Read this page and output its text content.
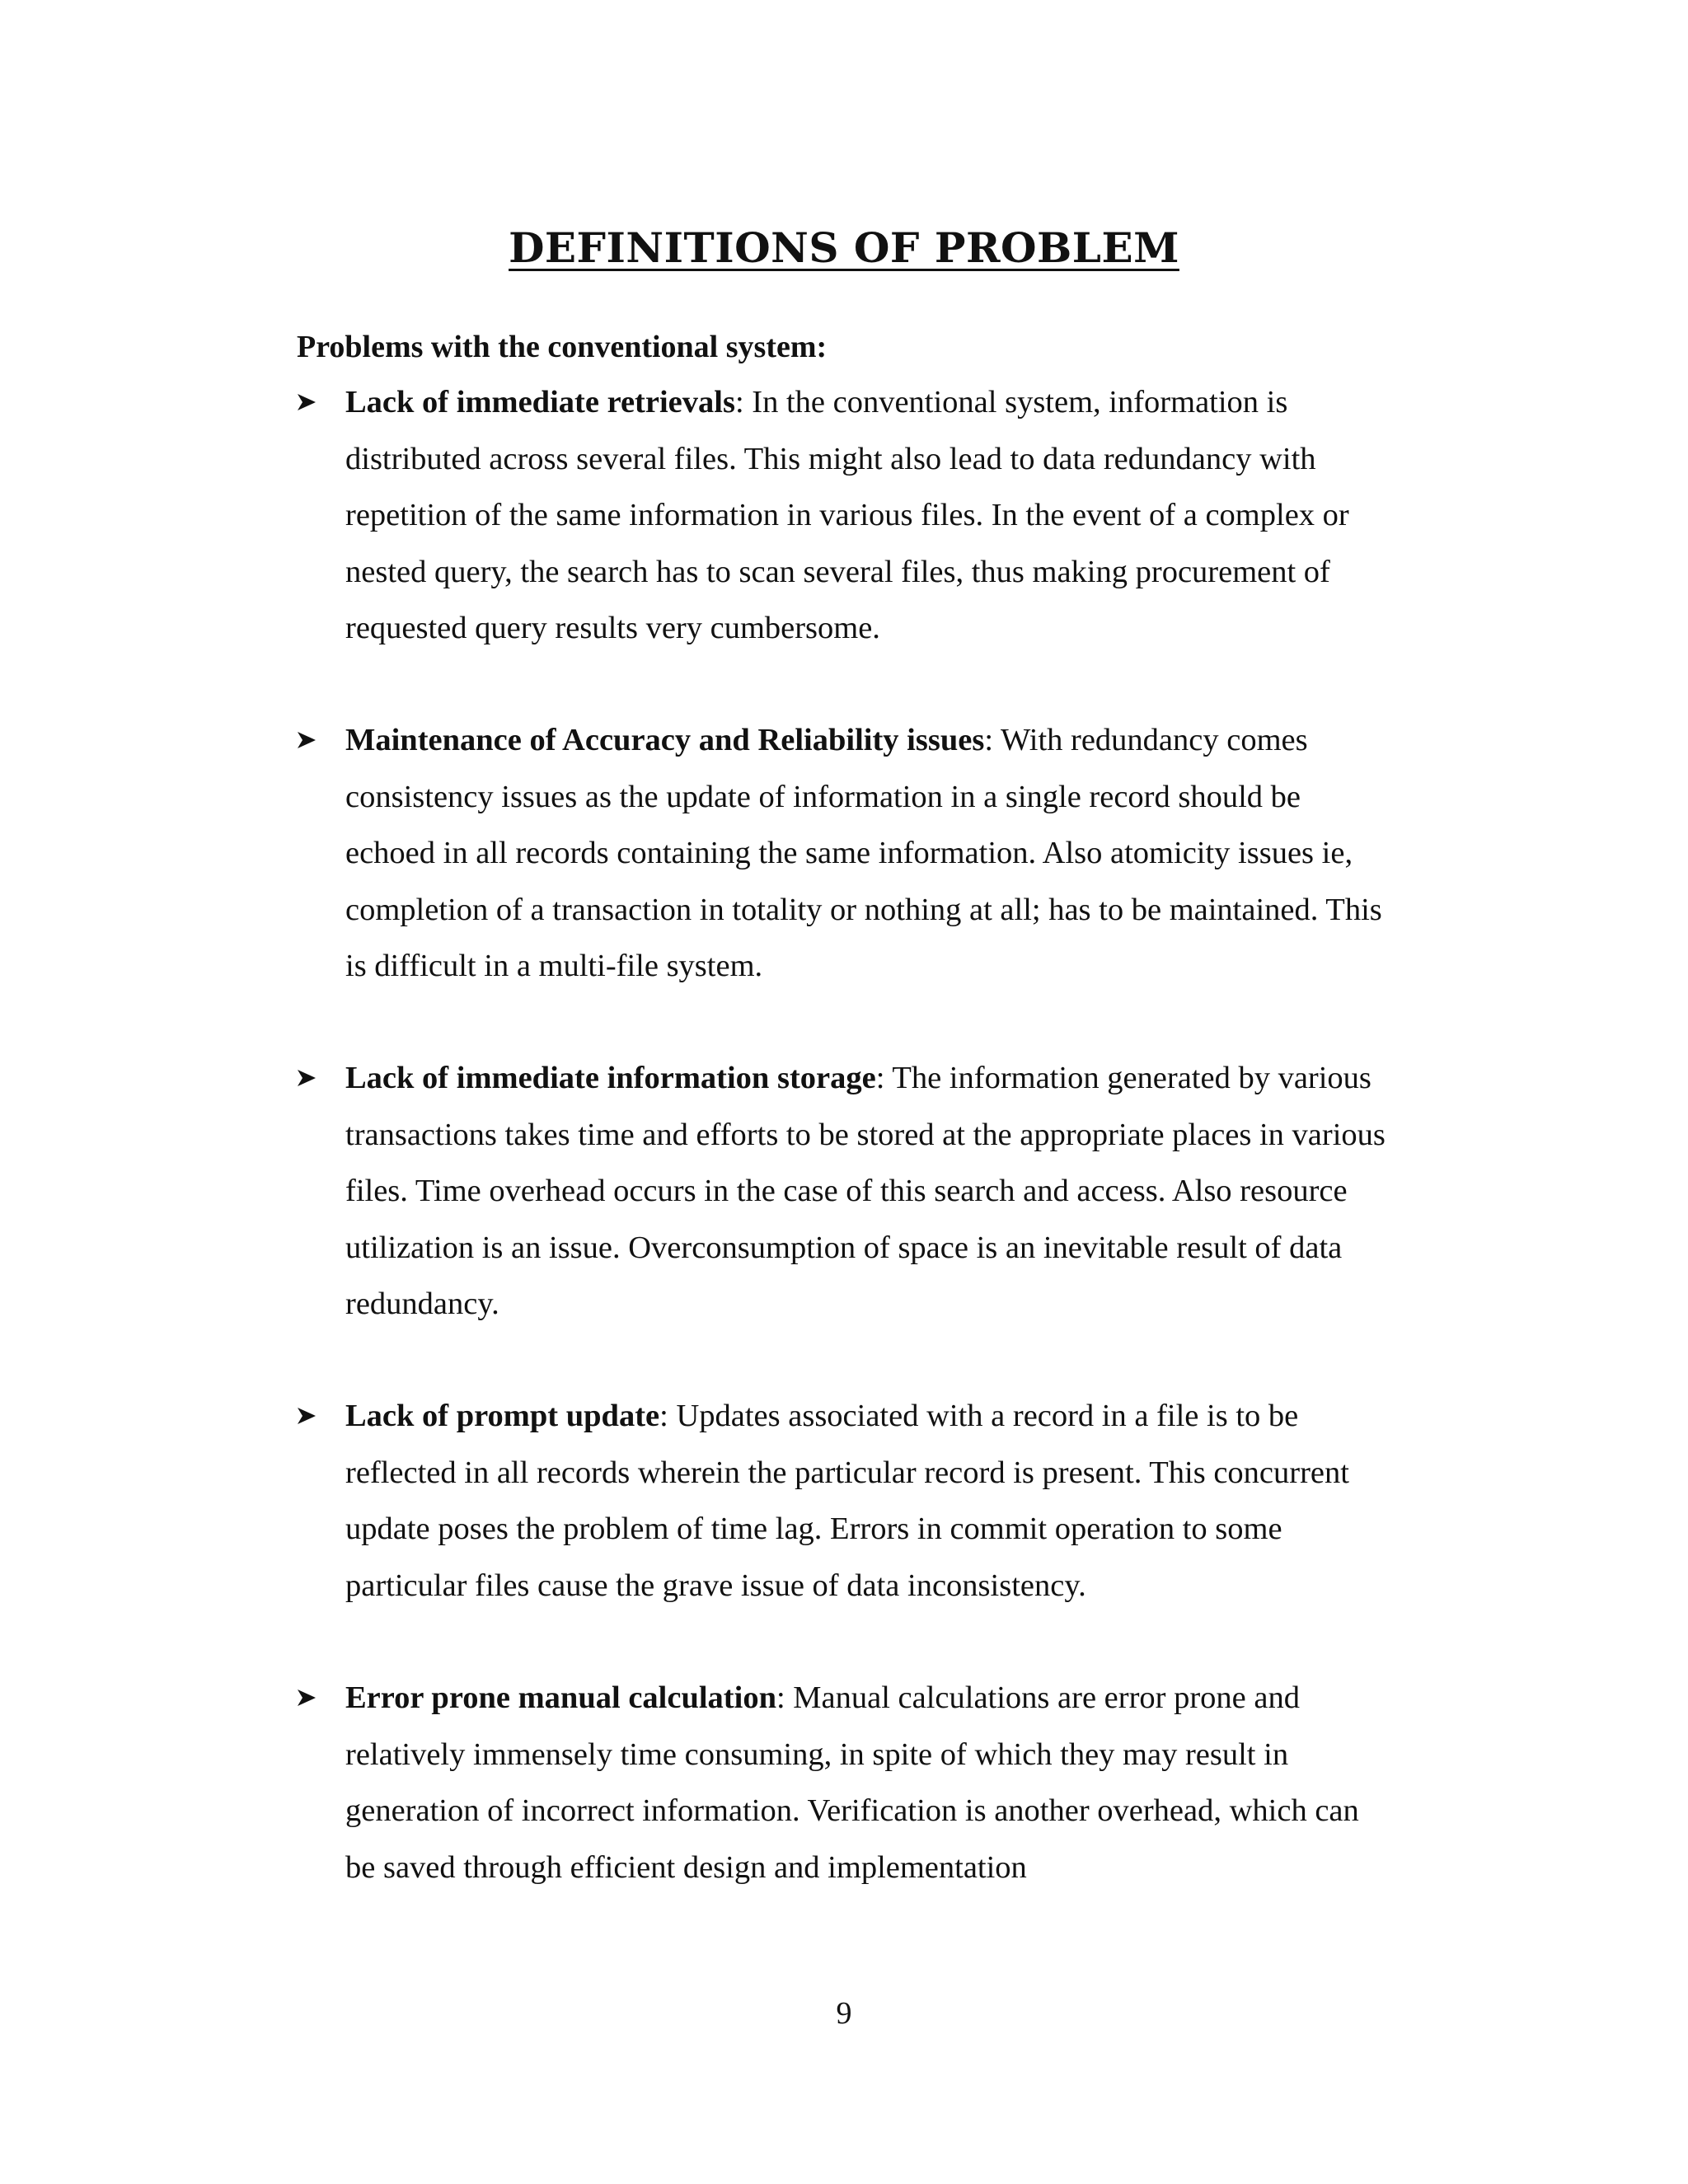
DEFINITIONS OF PROBLEM
Problems with the conventional system:

Lack of immediate retrievals: In the conventional system, information is

distributed across several files. This might also lead to data redundancy with

repetition of the same information in various files. In the event of a complex or

nested query, the search has to scan several files, thus making procurement of

requested query results very cumbersome.

Maintenance of Accuracy and Reliability issues: With redundancy comes

consistency issues as the update of information in a single record should be

echoed in all records containing the same information. Also atomicity issues ie,

completion of a transaction in totality or nothing at all; has to be maintained. This

is difficult in a multi-file system.

Lack of immediate information storage: The information generated by various

transactions takes time and efforts to be stored at the appropriate places in various

files. Time overhead occurs in the case of this search and access. Also resource

utilization is an issue. Overconsumption of space is an inevitable result of data

redundancy.

Lack of prompt update: Updates associated with a record in a file is to be

reflected in all records wherein the particular record is present. This concurrent

update poses the problem of time lag. Errors in commit operation to some

particular files cause the grave issue of data inconsistency.

Error prone manual calculation: Manual calculations are error prone and

relatively immensely time consuming, in spite of which they may result in

generation of incorrect information. Verification is another overhead, which can

be saved through efficient design and implementation

9
